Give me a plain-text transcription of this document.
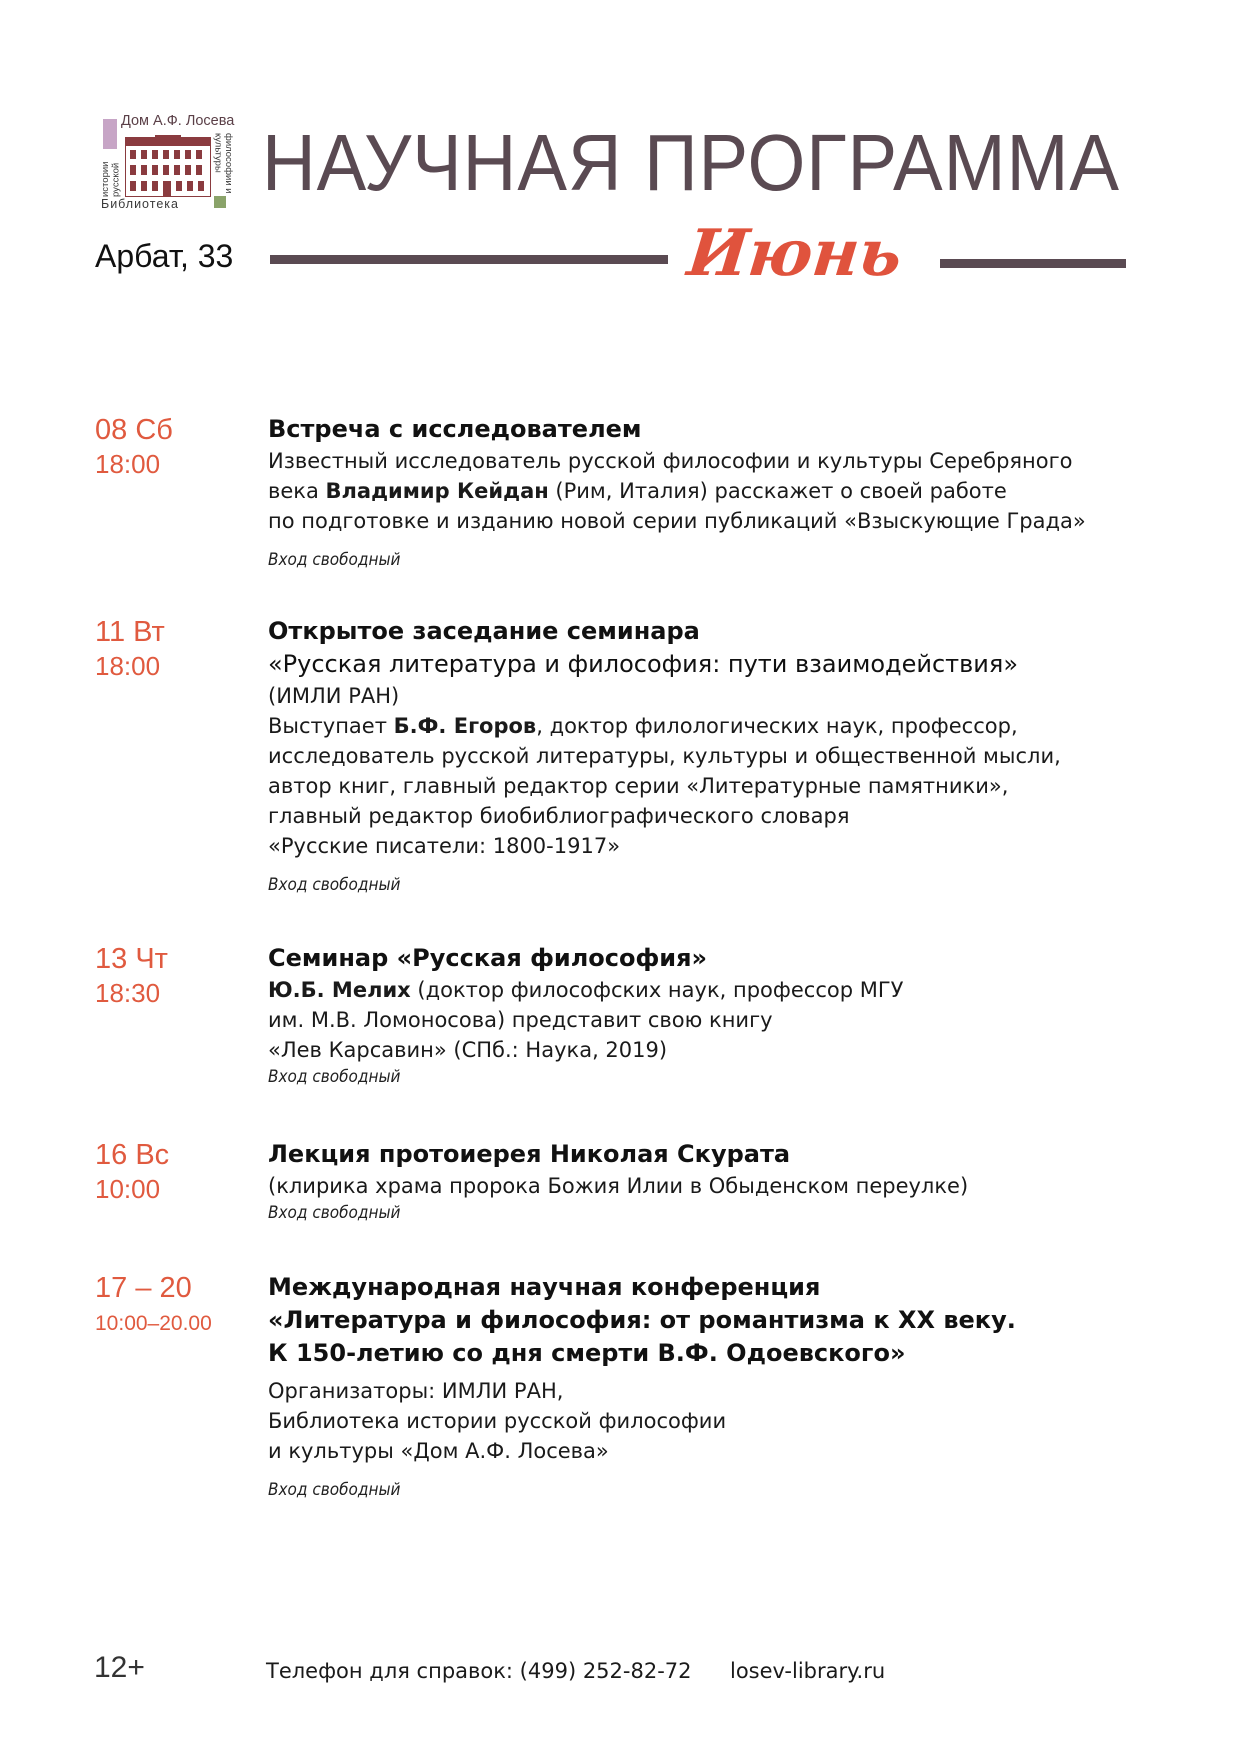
Дом А.Ф. Лосева
истории русской	философии и культуры
Библиотека НАУЧНАЯ ПРОГРАММА
Арбат, 33	Июнь
08 Сб
18:00

Встреча с исследователем

Известный исследователь русской философии и культуры Серебряного

века Владимир Кейдан (Рим, Италия) расскажет о своей работе

по подготовке и изданию новой серии публикаций «Взыскующие Града»

Вход свободный

11 Вт
18:00

Открытое заседание семинара

«Русская литература и философия: пути взаимодействия»

(ИМЛИ РАН)

Выступает Б.Ф. Егоров, доктор филологических наук, профессор,

исследователь русской литературы, культуры и общественной мысли,

автор книг, главный редактор серии «Литературные памятники»,

главный редактор биобиблиографического словаря

«Русские писатели: 1800-1917»

Вход свободный

13 Чт
18:30

Семинар «Русская философия»

Ю.Б. Мелих (доктор философских наук, профессор МГУ

им. М.В. Ломоносова) представит свою книгу

«Лев Карсавин» (СПб.: Наука, 2019)

Вход свободный

16 Вс
10:00

Лекция протоиерея Николая Скурата

(клирика храма пророка Божия Илии в Обыденском переулке)

Вход свободный

17 – 20
10:00–20.00

Международная научная конференция

«Литература и философия: от романтизма к XX веку.

К 150-летию со дня смерти В.Ф. Одоевского»

Организаторы: ИМЛИ РАН,

Библиотека истории русской философии

и культуры «Дом А.Ф. Лосева»

Вход свободный

12+	Телефон для справок: (499) 252-82-72 losev-library.ru
